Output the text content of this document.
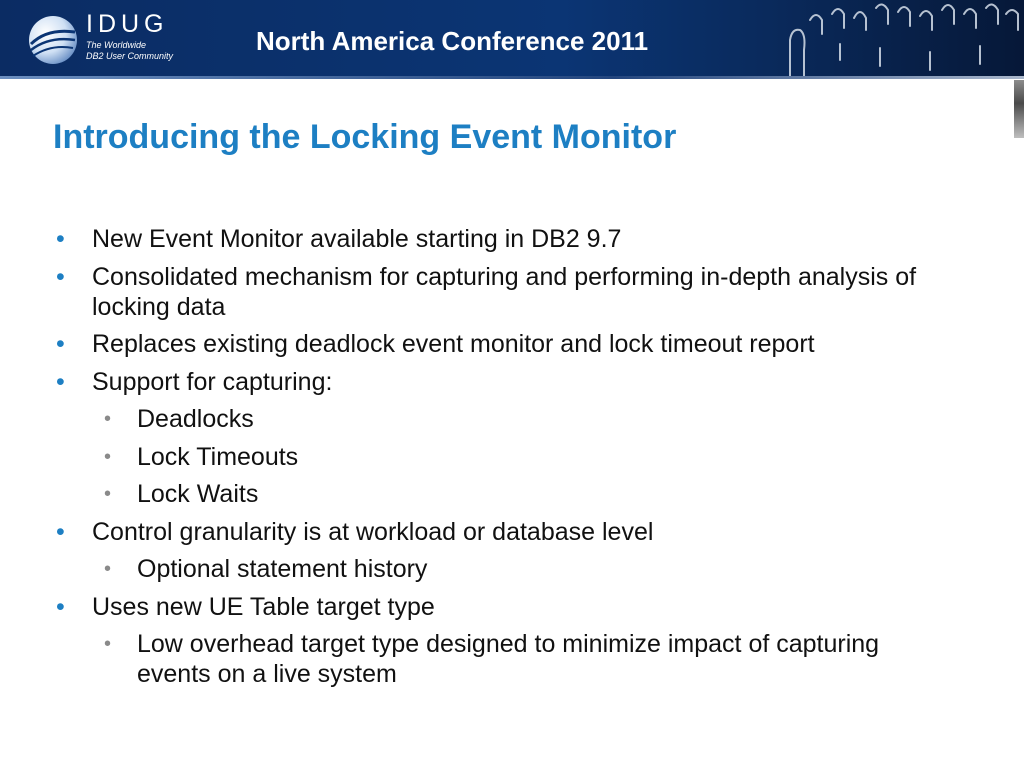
IDUG
The Worldwide
DB2 User Community	North America Conference 2011
Introducing the Locking Event Monitor
• New Event Monitor available starting in DB2 9.7
• Consolidated mechanism for capturing and performing in-depth analysis of locking data
• Replaces existing deadlock event monitor and lock timeout report
• Support for capturing:
• Deadlocks
• Lock Timeouts
• Lock Waits
• Control granularity is at workload or database level
• Optional statement history
• Uses new UE Table target type
• Low overhead target type designed to minimize impact of capturing events on a live system
